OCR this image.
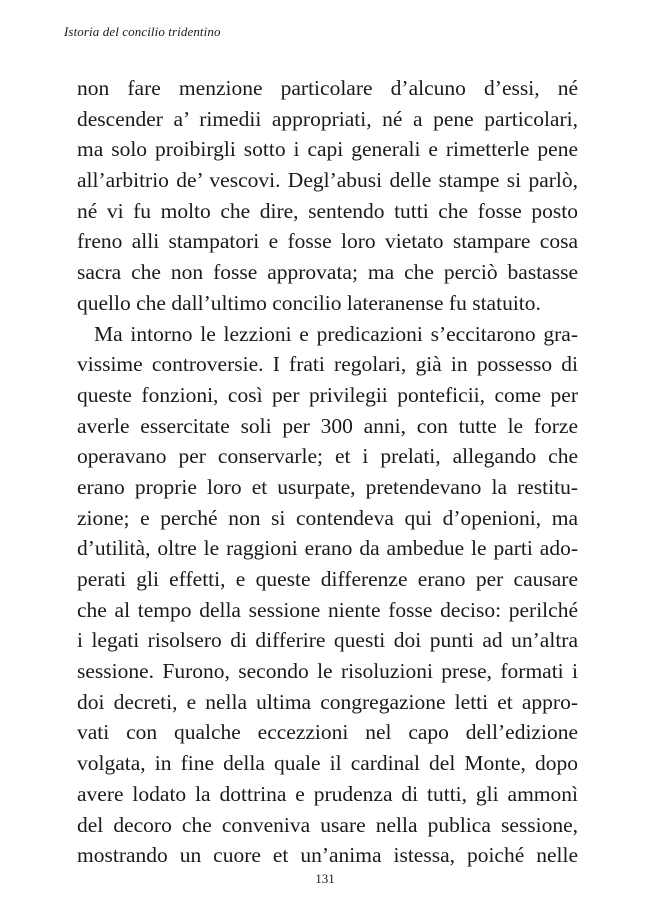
Istoria del concilio tridentino

non fare menzione particolare d’alcuno d’essi, né
descender a’ rimedii appropriati, né a pene particolari,
ma solo proibirgli sotto i capi generali e rimetterle pene
all’arbitrio de’ vescovi. Degl’abusi delle stampe si parlò,
né vi fu molto che dire, sentendo tutti che fosse posto
freno alli stampatori e fosse loro vietato stampare cosa
sacra che non fosse approvata; ma che perciò bastasse
quello che dall’ultimo concilio lateranense fu statuito.
Ma intorno le lezzioni e predicazioni s’eccitarono gra-
vissime controversie. I frati regolari, già in possesso di
queste fonzioni, così per privilegii ponteficii, come per
averle essercitate soli per 300 anni, con tutte le forze
operavano per conservarle; et i prelati, allegando che
erano proprie loro et usurpate, pretendevano la restitu-
zione; e perché non si contendeva qui d’openioni, ma
d’utilità, oltre le raggioni erano da ambedue le parti ado-
perati gli effetti, e queste differenze erano per causare
che al tempo della sessione niente fosse deciso: perilché
i legati risolsero di differire questi doi punti ad un’altra
sessione. Furono, secondo le risoluzioni prese, formati i
doi decreti, e nella ultima congregazione letti et appro-
vati con qualche eccezzioni nel capo dell’edizione
volgata, in fine della quale il cardinal del Monte, dopo
avere lodato la dottrina e prudenza di tutti, gli ammonì
del decoro che conveniva usare nella publica sessione,
mostrando un cuore et un’anima istessa, poiché nelle

131
